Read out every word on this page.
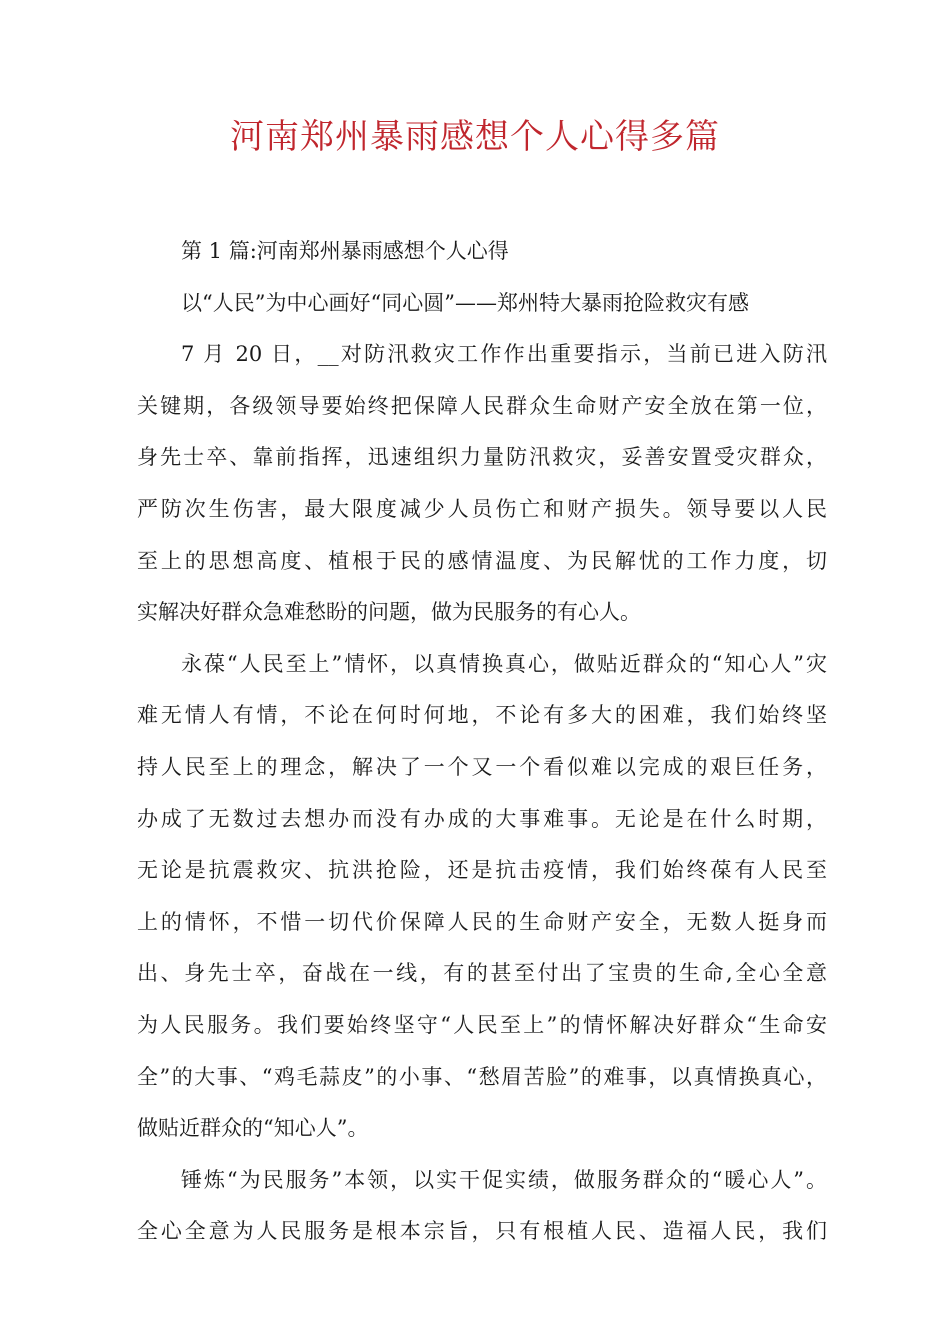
河南郑州暴雨感想个人心得多篇
第 1 篇:河南郑州暴雨感想个人心得
以“人民”为中心画好“同心圆”——郑州特大暴雨抢险救灾有感
7 月 20 日，__对防汛救灾工作作出重要指示，当前已进入防汛
关键期，各级领导要始终把保障人民群众生命财产安全放在第一位，
身先士卒、靠前指挥，迅速组织力量防汛救灾，妥善安置受灾群众，
严防次生伤害，最大限度减少人员伤亡和财产损失。领导要以人民
至上的思想高度、植根于民的感情温度、为民解忧的工作力度，切
实解决好群众急难愁盼的问题，做为民服务的有心人。
永葆“人民至上”情怀，以真情换真心，做贴近群众的“知心人”灾
难无情人有情，不论在何时何地，不论有多大的困难，我们始终坚
持人民至上的理念，解决了一个又一个看似难以完成的艰巨任务，
办成了无数过去想办而没有办成的大事难事。无论是在什么时期，
无论是抗震救灾、抗洪抢险，还是抗击疫情，我们始终葆有人民至
上的情怀，不惜一切代价保障人民的生命财产安全，无数人挺身而
出、身先士卒，奋战在一线，有的甚至付出了宝贵的生命,全心全意
为人民服务。我们要始终坚守“人民至上”的情怀解决好群众“生命安
全”的大事、“鸡毛蒜皮”的小事、“愁眉苦脸”的难事，以真情换真心，
做贴近群众的“知心人”。
锤炼“为民服务”本领，以实干促实绩，做服务群众的“暖心人”。
全心全意为人民服务是根本宗旨，只有根植人民、造福人民，我们
